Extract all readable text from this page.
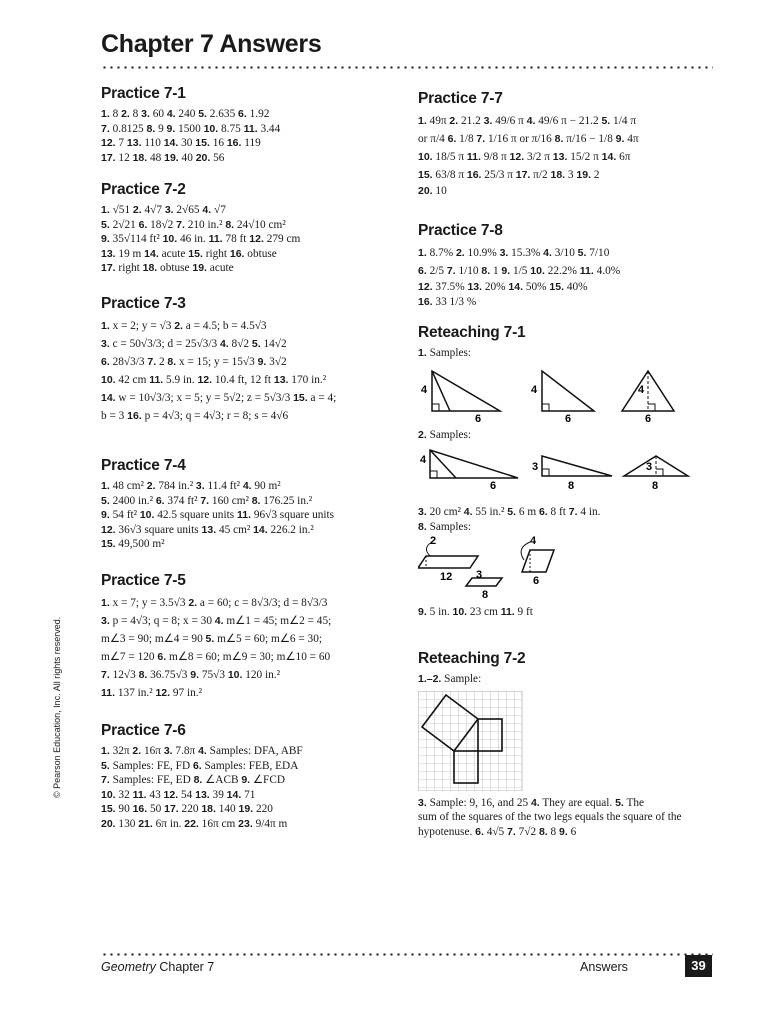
Chapter 7 Answers
© Pearson Education, Inc. All rights reserved.
Practice 7-1
1. 8 2. 8 3. 60 4. 240 5. 2.635 6. 1.92
7. 0.8125 8. 9 9. 1500 10. 8.75 11. 3.44
12. 7 13. 110 14. 30 15. 16 16. 119
17. 12 18. 48 19. 40 20. 56
Practice 7-2
1. √51 2. 4√7 3. 2√65 4. √7
5. 2√21 6. 18√2 7. 210 in.² 8. 24√10 cm²
9. 35√114 ft² 10. 46 in. 11. 78 ft 12. 279 cm
13. 19 m 14. acute 15. right 16. obtuse
17. right 18. obtuse 19. acute
Practice 7-3
1. x = 2; y = √3 2. a = 4.5; b = 4.5√3
3. c = 50√3/3; d = 25√3/3 4. 8√2 5. 14√2
6. 28√3/3 7. 2 8. x = 15; y = 15√3 9. 3√2
10. 42 cm 11. 5.9 in. 12. 10.4 ft, 12 ft 13. 170 in.²
14. w = 10√3/3; x = 5; y = 5√2; z = 5√3/3 15. a = 4;
b = 3 16. p = 4√3; q = 4√3; r = 8; s = 4√6
Practice 7-4
1. 48 cm² 2. 784 in.² 3. 11.4 ft² 4. 90 m²
5. 2400 in.² 6. 374 ft² 7. 160 cm² 8. 176.25 in.²
9. 54 ft² 10. 42.5 square units 11. 96√3 square units
12. 36√3 square units 13. 45 cm² 14. 226.2 in.²
15. 49,500 m²
Practice 7-5
1. x = 7; y = 3.5√3 2. a = 60; c = 8√3/3; d = 8√3/3
3. p = 4√3; q = 8; x = 30 4. m∠1 = 45; m∠2 = 45;
m∠3 = 90; m∠4 = 90 5. m∠5 = 60; m∠6 = 30;
m∠7 = 120 6. m∠8 = 60; m∠9 = 30; m∠10 = 60
7. 12√3 8. 36.75√3 9. 75√3 10. 120 in.²
11. 137 in.² 12. 97 in.²
Practice 7-6
1. 32π 2. 16π 3. 7.8π 4. Samples: DFA, ABF
5. Samples: FE, FD 6. Samples: FEB, EDA
7. Samples: FE, ED 8. ∠ACB 9. ∠FCD
10. 32 11. 43 12. 54 13. 39 14. 71
15. 90 16. 50 17. 220 18. 140 19. 220
20. 130 21. 6π in. 22. 16π cm 23. 9/4π m
Practice 7-7
1. 49π 2. 21.2 3. 49/6 π 4. 49/6 π − 21.2 5. 1/4 π
or π/4 6. 1/8 7. 1/16 π or π/16 8. π/16 − 1/8 9. 4π
10. 18/5 π 11. 9/8 π 12. 3/2 π 13. 15/2 π 14. 6π
15. 63/8 π 16. 25/3 π 17. π/2 18. 3 19. 2
20. 10
Practice 7-8
1. 8.7% 2. 10.9% 3. 15.3% 4. 3/10 5. 7/10
6. 2/5 7. 1/10 8. 1 9. 1/5 10. 22.2% 11. 4.0%
12. 37.5% 13. 20% 14. 50% 15. 40%
16. 33 1/3 %
Reteaching 7-1
1. Samples:
4
6
4
6
4
6
2. Samples:
4
6
3
8
3
8
3. 20 cm² 4. 55 in.² 5. 6 m 6. 8 ft 7. 4 in.
8. Samples:
2
12 3
8
4
6
9. 5 in. 10. 23 cm 11. 9 ft
Reteaching 7-2
1.–2. Sample:
3. Sample: 9, 16, and 25 4. They are equal. 5. The
sum of the squares of the two legs equals the square of the
hypotenuse. 6. 4√5 7. 7√2 8. 8 9. 6
Geometry Chapter 7	Answers	39
